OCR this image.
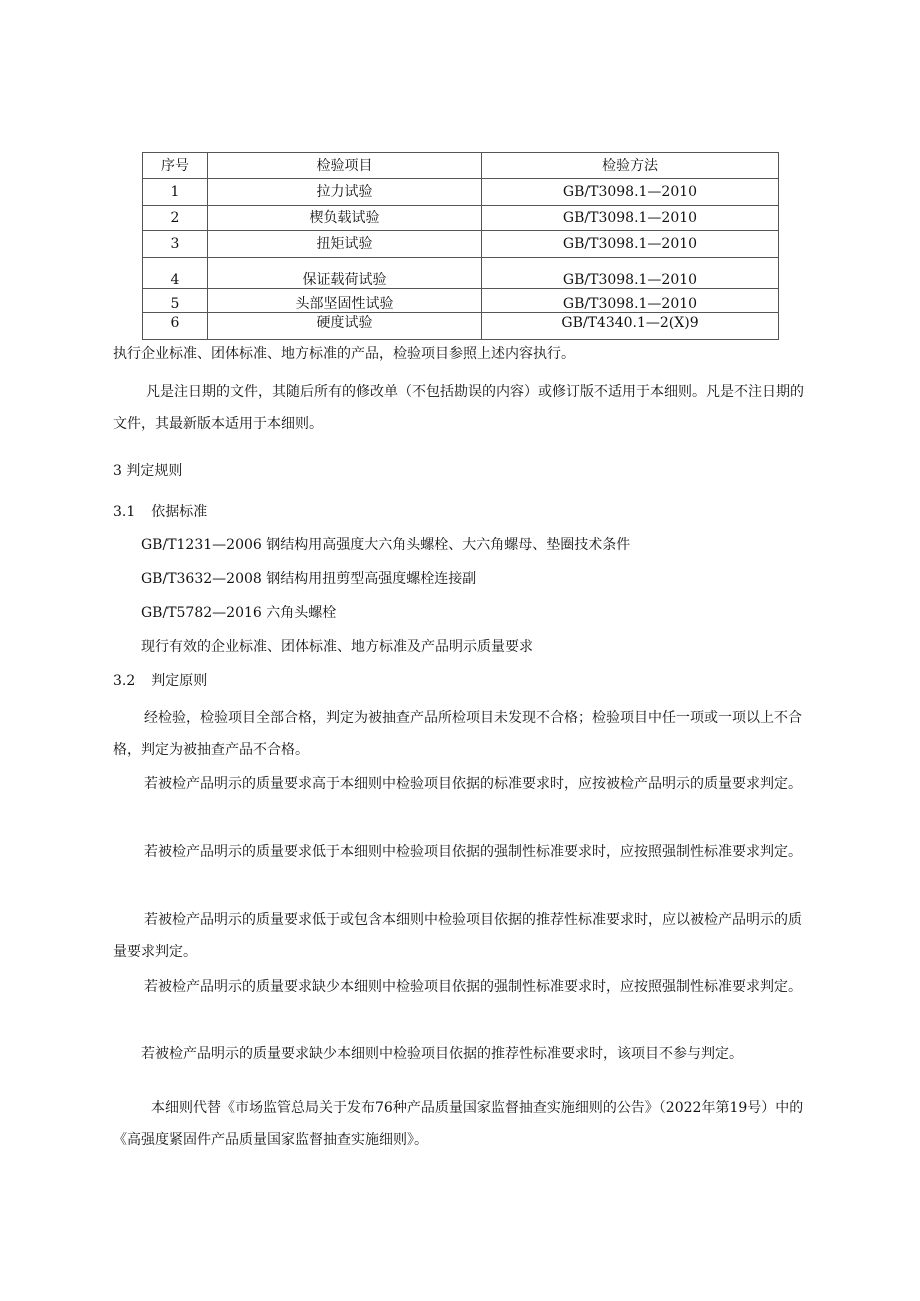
序号	检验项目	检验方法
1	拉力试验	GB/T3098.1—2010
2	楔负载试验	GB/T3098.1—2010
3	扭矩试验	GB/T3098.1—2010
4	保证载荷试验	GB/T3098.1—2010
5	头部坚固性试验	GB/T3098.1—2010
6	硬度试验	GB/T4340.1—2(X)9
执行企业标准、团体标准、地方标准的产品，检验项目参照上述内容执行。
凡是注日期的文件，其随后所有的修改单（不包括勘误的内容）或修订版不适用于本细则。凡是不注日期的文件，其最新版本适用于本细则。
3 判定规则
3.1 依据标准
GB/T1231—2006 钢结构用高强度大六角头螺栓、大六角螺母、垫圈技术条件
GB/T3632—2008 钢结构用扭剪型高强度螺栓连接副
GB/T5782—2016 六角头螺栓
现行有效的企业标准、团体标准、地方标准及产品明示质量要求
3.2 判定原则
经检验，检验项目全部合格，判定为被抽查产品所检项目未发现不合格；检验项目中任一项或一项以上不合格，判定为被抽查产品不合格。
若被检产品明示的质量要求高于本细则中检验项目依据的标准要求时，应按被检产品明示的质量要求判定。
若被检产品明示的质量要求低于本细则中检验项目依据的强制性标准要求时，应按照强制性标准要求判定。
若被检产品明示的质量要求低于或包含本细则中检验项目依据的推荐性标准要求时，应以被检产品明示的质量要求判定。
若被检产品明示的质量要求缺少本细则中检验项目依据的强制性标准要求时，应按照强制性标准要求判定。
若被检产品明示的质量要求缺少本细则中检验项目依据的推荐性标准要求时，该项目不参与判定。
本细则代替《市场监管总局关于发布76种产品质量国家监督抽查实施细则的公告》（2022年第19号）中的《高强度紧固件产品质量国家监督抽查实施细则》。
